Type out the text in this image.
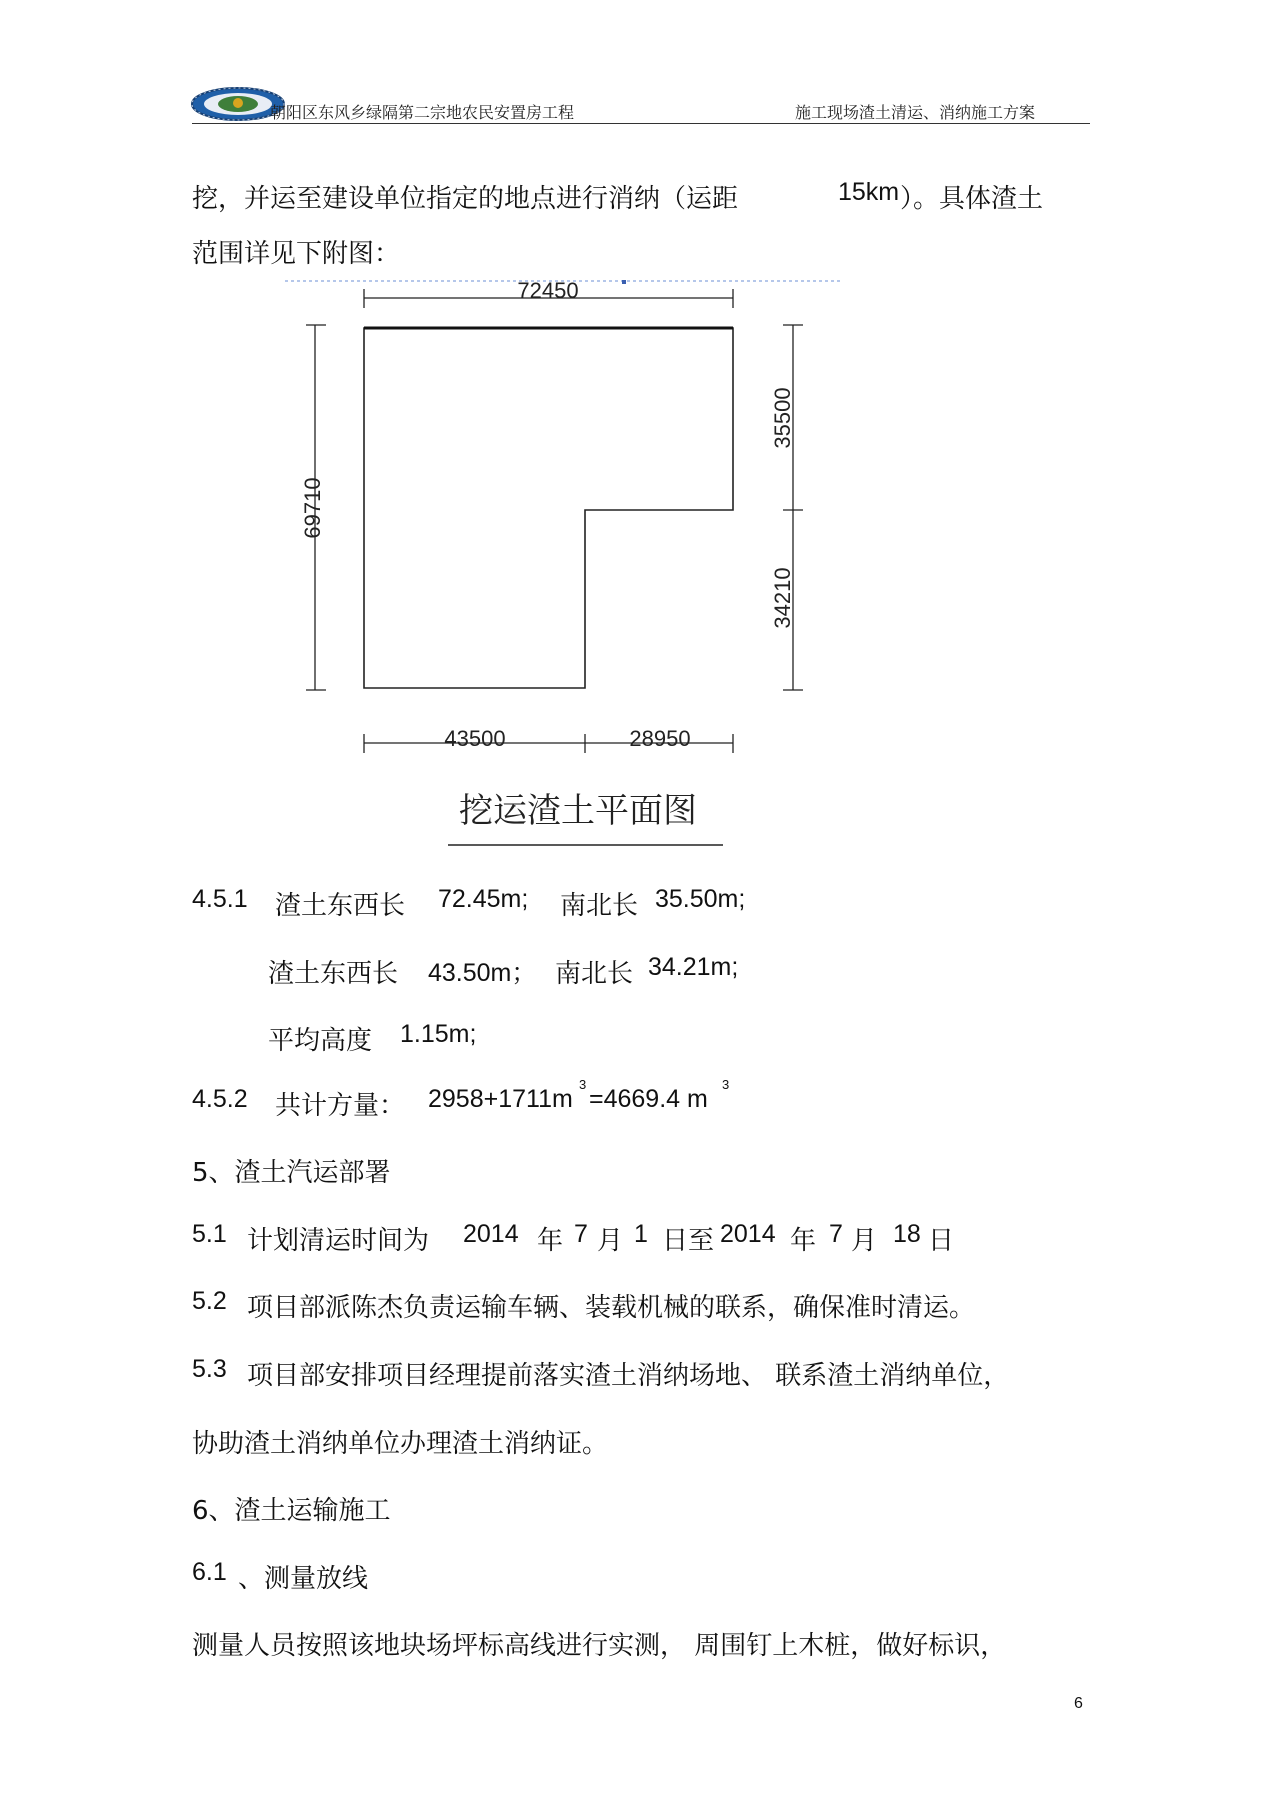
朝阳区东风乡绿隔第二宗地农民安置房工程	施工现场渣土清运、消纳施工方案
挖，并运至建设单位指定的地点进行消纳（运距	15km ）。具体渣土
范围详见下附图：
72450
69710
35500
34210
43500	28950
挖运渣土平面图
4.5.1 渣土东西长 72.45m; 南北长 35.50m;
渣土东西长 43.50m； 南北长 34.21m;
平均高度 1.15m;
4.5.2 共计方量： 2958+1711m
3
=4669.4 m
3
5、渣土汽运部署
5.1 计划清运时间为 2014 年 7 月 1 日至 2014 年 7 月 18 日
5.2 项目部派陈杰负责运输车辆、装载机械的联系，确保准时清运。
5.3 项目部安排项目经理提前落实渣土消纳场地、 联系渣土消纳单位，
协助渣土消纳单位办理渣土消纳证。
6、渣土运输施工
6.1 、测量放线
测量人员按照该地块场坪标高线进行实测， 周围钉上木桩，做好标识，
6
